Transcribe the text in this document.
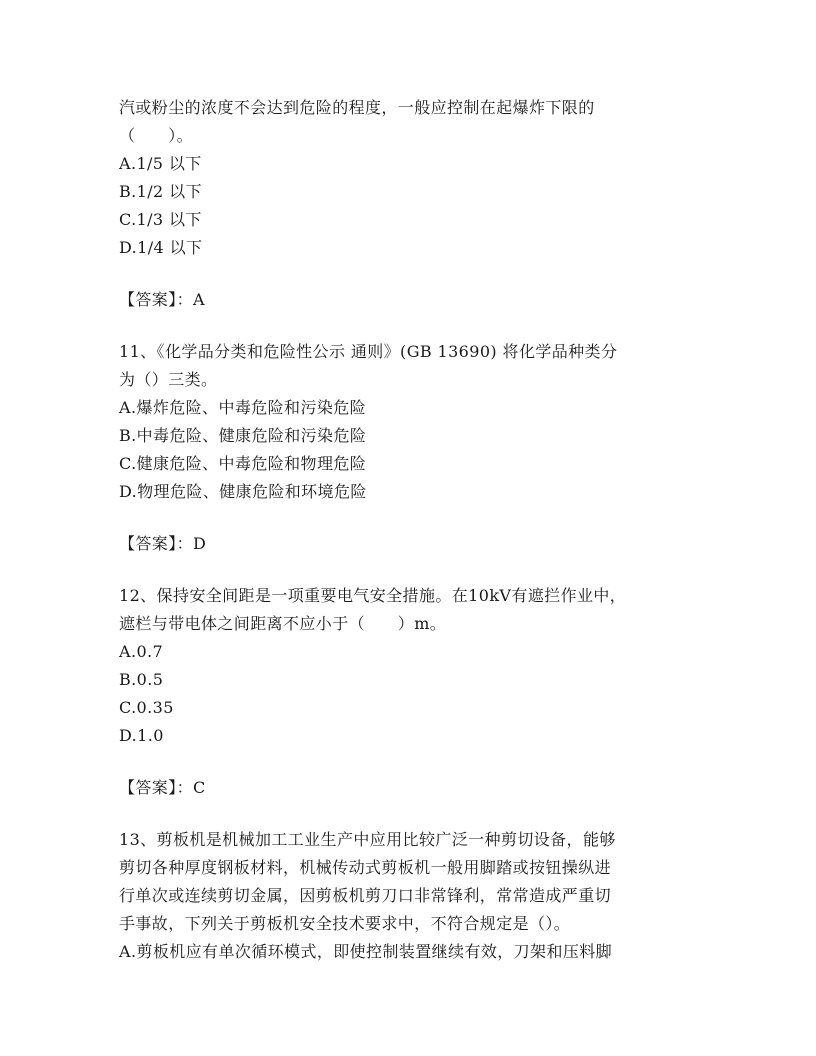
汽或粉尘的浓度不会达到危险的程度，一般应控制在起爆炸下限的
（　　）。
A.1/5 以下
B.1/2 以下
C.1/3 以下
D.1/4 以下
【答案】：A
11、《化学品分类和危险性公示 通则》(GB 13690) 将化学品种类分
为（）三类。
A.爆炸危险、中毒危险和污染危险
B.中毒危险、健康危险和污染危险
C.健康危险、中毒危险和物理危险
D.物理危险、健康危险和环境危险
【答案】：D
12、保持安全间距是一项重要电气安全措施。在10kV有遮拦作业中，
遮栏与带电体之间距离不应小于（　　）m。
A.0.7
B.0.5
C.0.35
D.1.0
【答案】：C
13、剪板机是机械加工工业生产中应用比较广泛一种剪切设备，能够
剪切各种厚度钢板材料，机械传动式剪板机一般用脚踏或按钮操纵进
行单次或连续剪切金属，因剪板机剪刀口非常锋利，常常造成严重切
手事故，下列关于剪板机安全技术要求中，不符合规定是（）。
A.剪板机应有单次循环模式，即使控制装置继续有效，刀架和压料脚
